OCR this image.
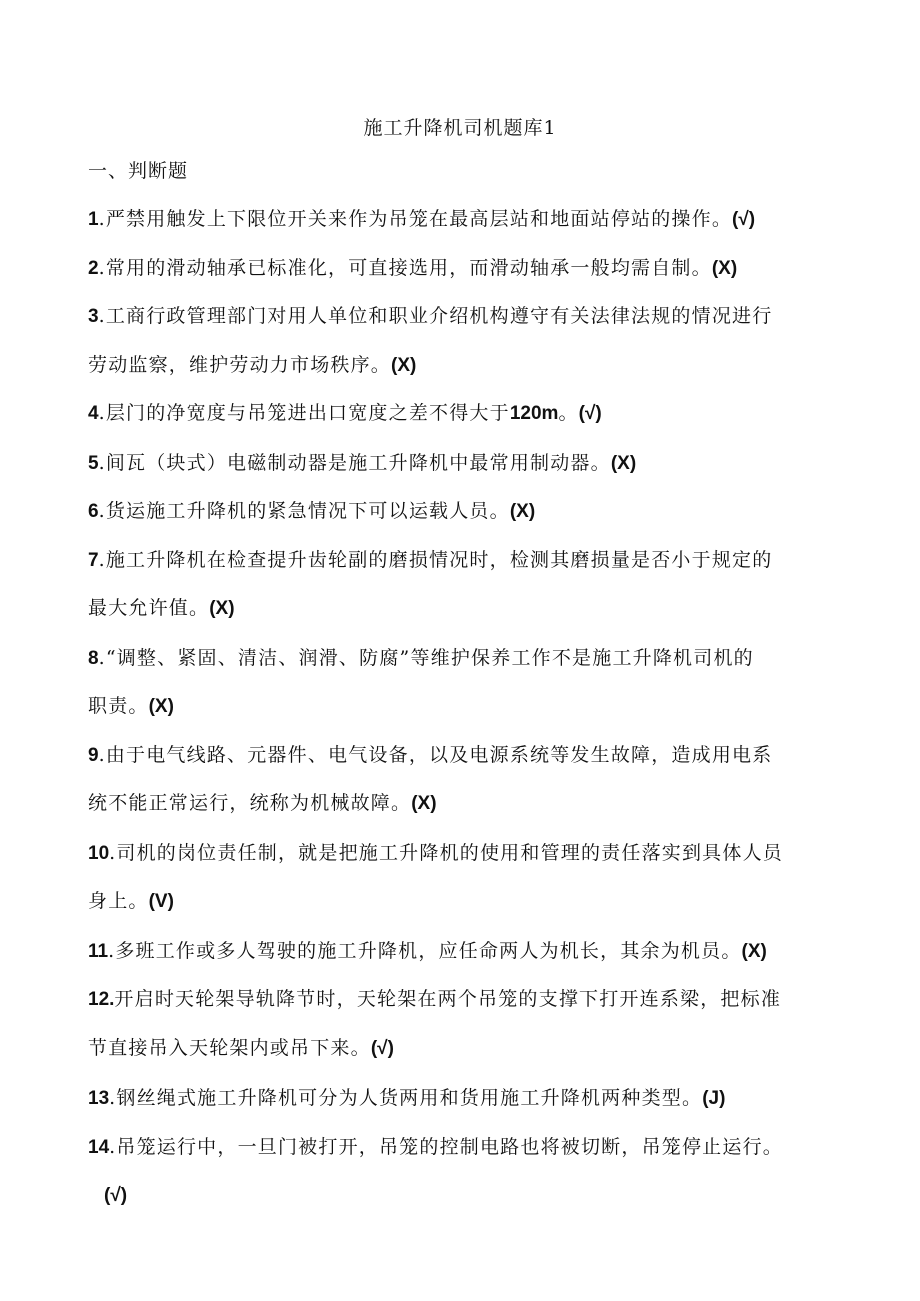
施工升降机司机题库1
一、判断题
1.严禁用触发上下限位开关来作为吊笼在最高层站和地面站停站的操作。(√)
2.常用的滑动轴承已标准化，可直接选用，而滑动轴承一般均需自制。(X)
3.工商行政管理部门对用人单位和职业介绍机构遵守有关法律法规的情况进行
劳动监察，维护劳动力市场秩序。(X)
4.层门的净宽度与吊笼进出口宽度之差不得大于120m。(√)
5.间瓦（块式）电磁制动器是施工升降机中最常用制动器。(X)
6.货运施工升降机的紧急情况下可以运载人员。(X)
7.施工升降机在检查提升齿轮副的磨损情况时，检测其磨损量是否小于规定的
最大允许值。(X)
8.“调整、紧固、清洁、润滑、防腐”等维护保养工作不是施工升降机司机的
职责。(X)
9.由于电气线路、元器件、电气设备，以及电源系统等发生故障，造成用电系
统不能正常运行，统称为机械故障。(X)
10.司机的岗位责任制，就是把施工升降机的使用和管理的责任落实到具体人员
身上。(V)
11.多班工作或多人驾驶的施工升降机，应任命两人为机长，其余为机员。(X)
12.开启时天轮架导轨降节时，天轮架在两个吊笼的支撑下打开连系梁，把标准
节直接吊入天轮架内或吊下来。(√)
13.钢丝绳式施工升降机可分为人货两用和货用施工升降机两种类型。(J)
14.吊笼运行中，一旦门被打开，吊笼的控制电路也将被切断，吊笼停止运行。
(√)
